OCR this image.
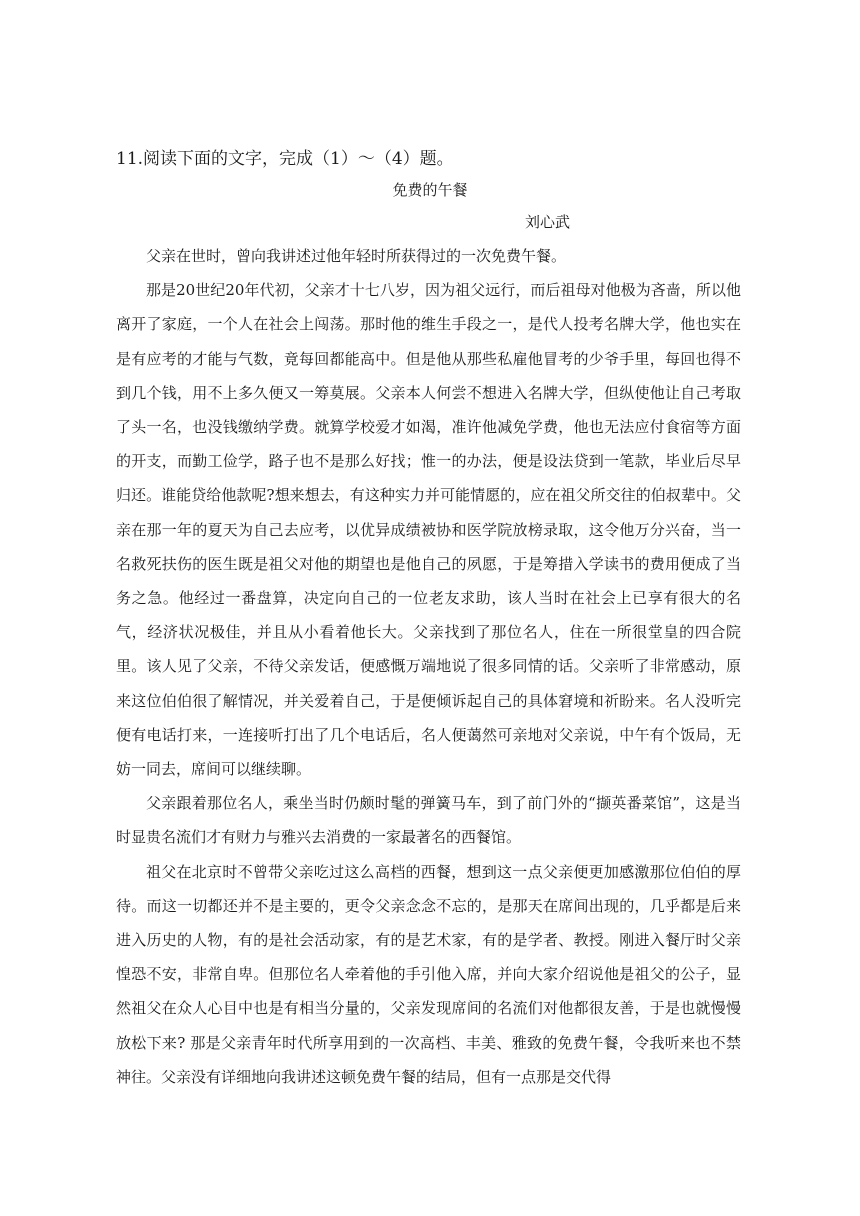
11.阅读下面的文字，完成（1）～（4）题。
免费的午餐
刘心武

父亲在世时，曾向我讲述过他年轻时所获得过的一次免费午餐。

那是20世纪20年代初，父亲才十七八岁，因为祖父远行，而后祖母对他极为吝啬，所以他离开了家庭，一个人在社会上闯荡。那时他的维生手段之一，是代人投考名牌大学，他也实在是有应考的才能与气数，竟每回都能高中。但是他从那些私雇他冒考的少爷手里，每回也得不到几个钱，用不上多久便又一筹莫展。父亲本人何尝不想进入名牌大学，但纵使他让自己考取了头一名，也没钱缴纳学费。就算学校爱才如渴，准许他减免学费，他也无法应付食宿等方面的开支，而勤工俭学，路子也不是那么好找；惟一的办法，便是设法贷到一笔款，毕业后尽早归还。谁能贷给他款呢?想来想去，有这种实力并可能情愿的，应在祖父所交往的伯叔辈中。父亲在那一年的夏天为自己去应考，以优异成绩被协和医学院放榜录取，这令他万分兴奋，当一名救死扶伤的医生既是祖父对他的期望也是他自己的夙愿，于是筹措入学读书的费用便成了当务之急。他经过一番盘算，决定向自己的一位老友求助，该人当时在社会上已享有很大的名气，经济状况极佳，并且从小看着他长大。父亲找到了那位名人，住在一所很堂皇的四合院里。该人见了父亲，不待父亲发话，便感慨万端地说了很多同情的话。父亲听了非常感动，原来这位伯伯很了解情况，并关爱着自己，于是便倾诉起自己的具体窘境和祈盼来。名人没听完便有电话打来，一连接听打出了几个电话后，名人便蔼然可亲地对父亲说，中午有个饭局，无妨一同去，席间可以继续聊。

父亲跟着那位名人，乘坐当时仍颇时髦的弹簧马车，到了前门外的“撷英番菜馆”，这是当时显贵名流们才有财力与雅兴去消费的一家最著名的西餐馆。

祖父在北京时不曾带父亲吃过这么高档的西餐，想到这一点父亲便更加感激那位伯伯的厚待。而这一切都还并不是主要的，更令父亲念念不忘的，是那天在席间出现的，几乎都是后来进入历史的人物，有的是社会活动家，有的是艺术家，有的是学者、教授。刚进入餐厅时父亲惶恐不安，非常自卑。但那位名人牵着他的手引他入席，并向大家介绍说他是祖父的公子，显然祖父在众人心目中也是有相当分量的，父亲发现席间的名流们对他都很友善，于是也就慢慢放松下来? 那是父亲青年时代所享用到的一次高档、丰美、雅致的免费午餐，令我听来也不禁神往。父亲没有详细地向我讲述这顿免费午餐的结局，但有一点那是交代得
